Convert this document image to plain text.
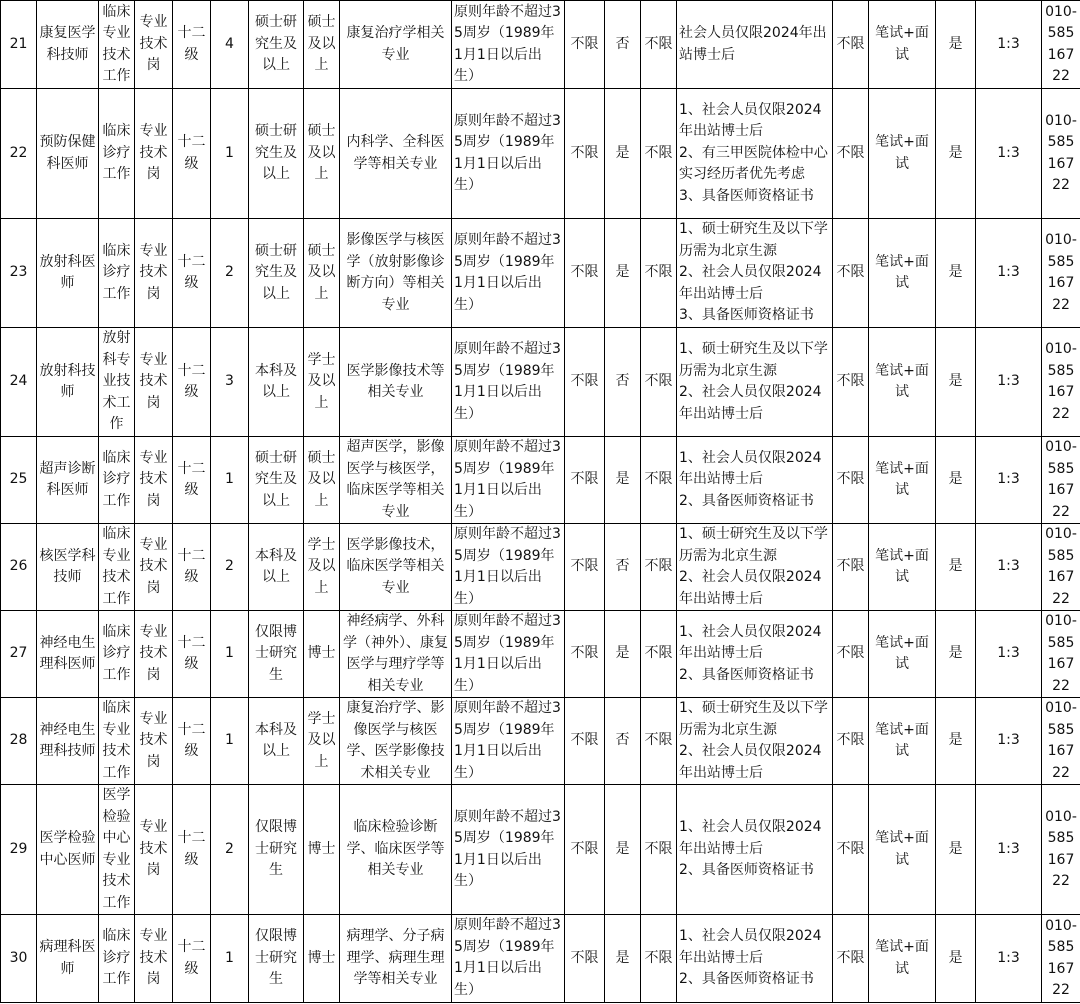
21	康复医学科技师	临床专业技术工作	专业技术岗	十二级	4	硕士研究生及以上	硕士及以上	康复治疗学相关专业	原则年龄不超过35周岁（1989年1月1日以后出生）	不限	否	不限	社会人员仅限2024年出站博士后	不限	笔试+面试	是	1:3	010-58516722
22	预防保健科医师	临床诊疗工作	专业技术岗	十二级	1	硕士研究生及以上	硕士及以上	内科学、全科医学等相关专业	原则年龄不超过35周岁（1989年1月1日以后出生）	不限	是	不限	1、社会人员仅限2024年出站博士后
2、有三甲医院体检中心实习经历者优先考虑
3、具备医师资格证书	不限	笔试+面试	是	1:3	010-58516722
23	放射科医师	临床诊疗工作	专业技术岗	十二级	2	硕士研究生及以上	硕士及以上	影像医学与核医学（放射影像诊断方向）等相关专业	原则年龄不超过35周岁（1989年1月1日以后出生）	不限	是	不限	1、硕士研究生及以下学历需为北京生源
2、社会人员仅限2024年出站博士后
3、具备医师资格证书	不限	笔试+面试	是	1:3	010-58516722
24	放射科技师	放射科专业技术工作	专业技术岗	十二级	3	本科及以上	学士及以上	医学影像技术等相关专业	原则年龄不超过35周岁（1989年1月1日以后出生）	不限	否	不限	1、硕士研究生及以下学历需为北京生源
2、社会人员仅限2024年出站博士后	不限	笔试+面试	是	1:3	010-58516722
25	超声诊断科医师	临床诊疗工作	专业技术岗	十二级	1	硕士研究生及以上	硕士及以上	超声医学，影像医学与核医学，临床医学等相关专业	原则年龄不超过35周岁（1989年1月1日以后出生）	不限	是	不限	1、社会人员仅限2024年出站博士后
2、具备医师资格证书	不限	笔试+面试	是	1:3	010-58516722
26	核医学科技师	临床专业技术工作	专业技术岗	十二级	2	本科及以上	学士及以上	医学影像技术，临床医学等相关专业	原则年龄不超过35周岁（1989年1月1日以后出生）	不限	否	不限	1、硕士研究生及以下学历需为北京生源
2、社会人员仅限2024年出站博士后	不限	笔试+面试	是	1:3	010-58516722
27	神经电生理科医师	临床诊疗工作	专业技术岗	十二级	1	仅限博士研究生	博士	神经病学、外科学（神外）、康复医学与理疗学等相关专业	原则年龄不超过35周岁（1989年1月1日以后出生）	不限	是	不限	1、社会人员仅限2024年出站博士后
2、具备医师资格证书	不限	笔试+面试	是	1:3	010-58516722
28	神经电生理科技师	临床专业技术工作	专业技术岗	十二级	1	本科及以上	学士及以上	康复治疗学、影像医学与核医学、医学影像技术相关专业	原则年龄不超过35周岁（1989年1月1日以后出生）	不限	否	不限	1、硕士研究生及以下学历需为北京生源
2、社会人员仅限2024年出站博士后	不限	笔试+面试	是	1:3	010-58516722
29	医学检验中心医师	医学检验中心专业技术工作	专业技术岗	十二级	2	仅限博士研究生	博士	临床检验诊断学、临床医学等相关专业	原则年龄不超过35周岁（1989年1月1日以后出生）	不限	是	不限	1、社会人员仅限2024年出站博士后
2、具备医师资格证书	不限	笔试+面试	是	1:3	010-58516722
30	病理科医师	临床诊疗工作	专业技术岗	十二级	1	仅限博士研究生	博士	病理学、分子病理学、病理生理学等相关专业	原则年龄不超过35周岁（1989年1月1日以后出生）	不限	是	不限	1、社会人员仅限2024年出站博士后
2、具备医师资格证书	不限	笔试+面试	是	1:3	010-58516722
